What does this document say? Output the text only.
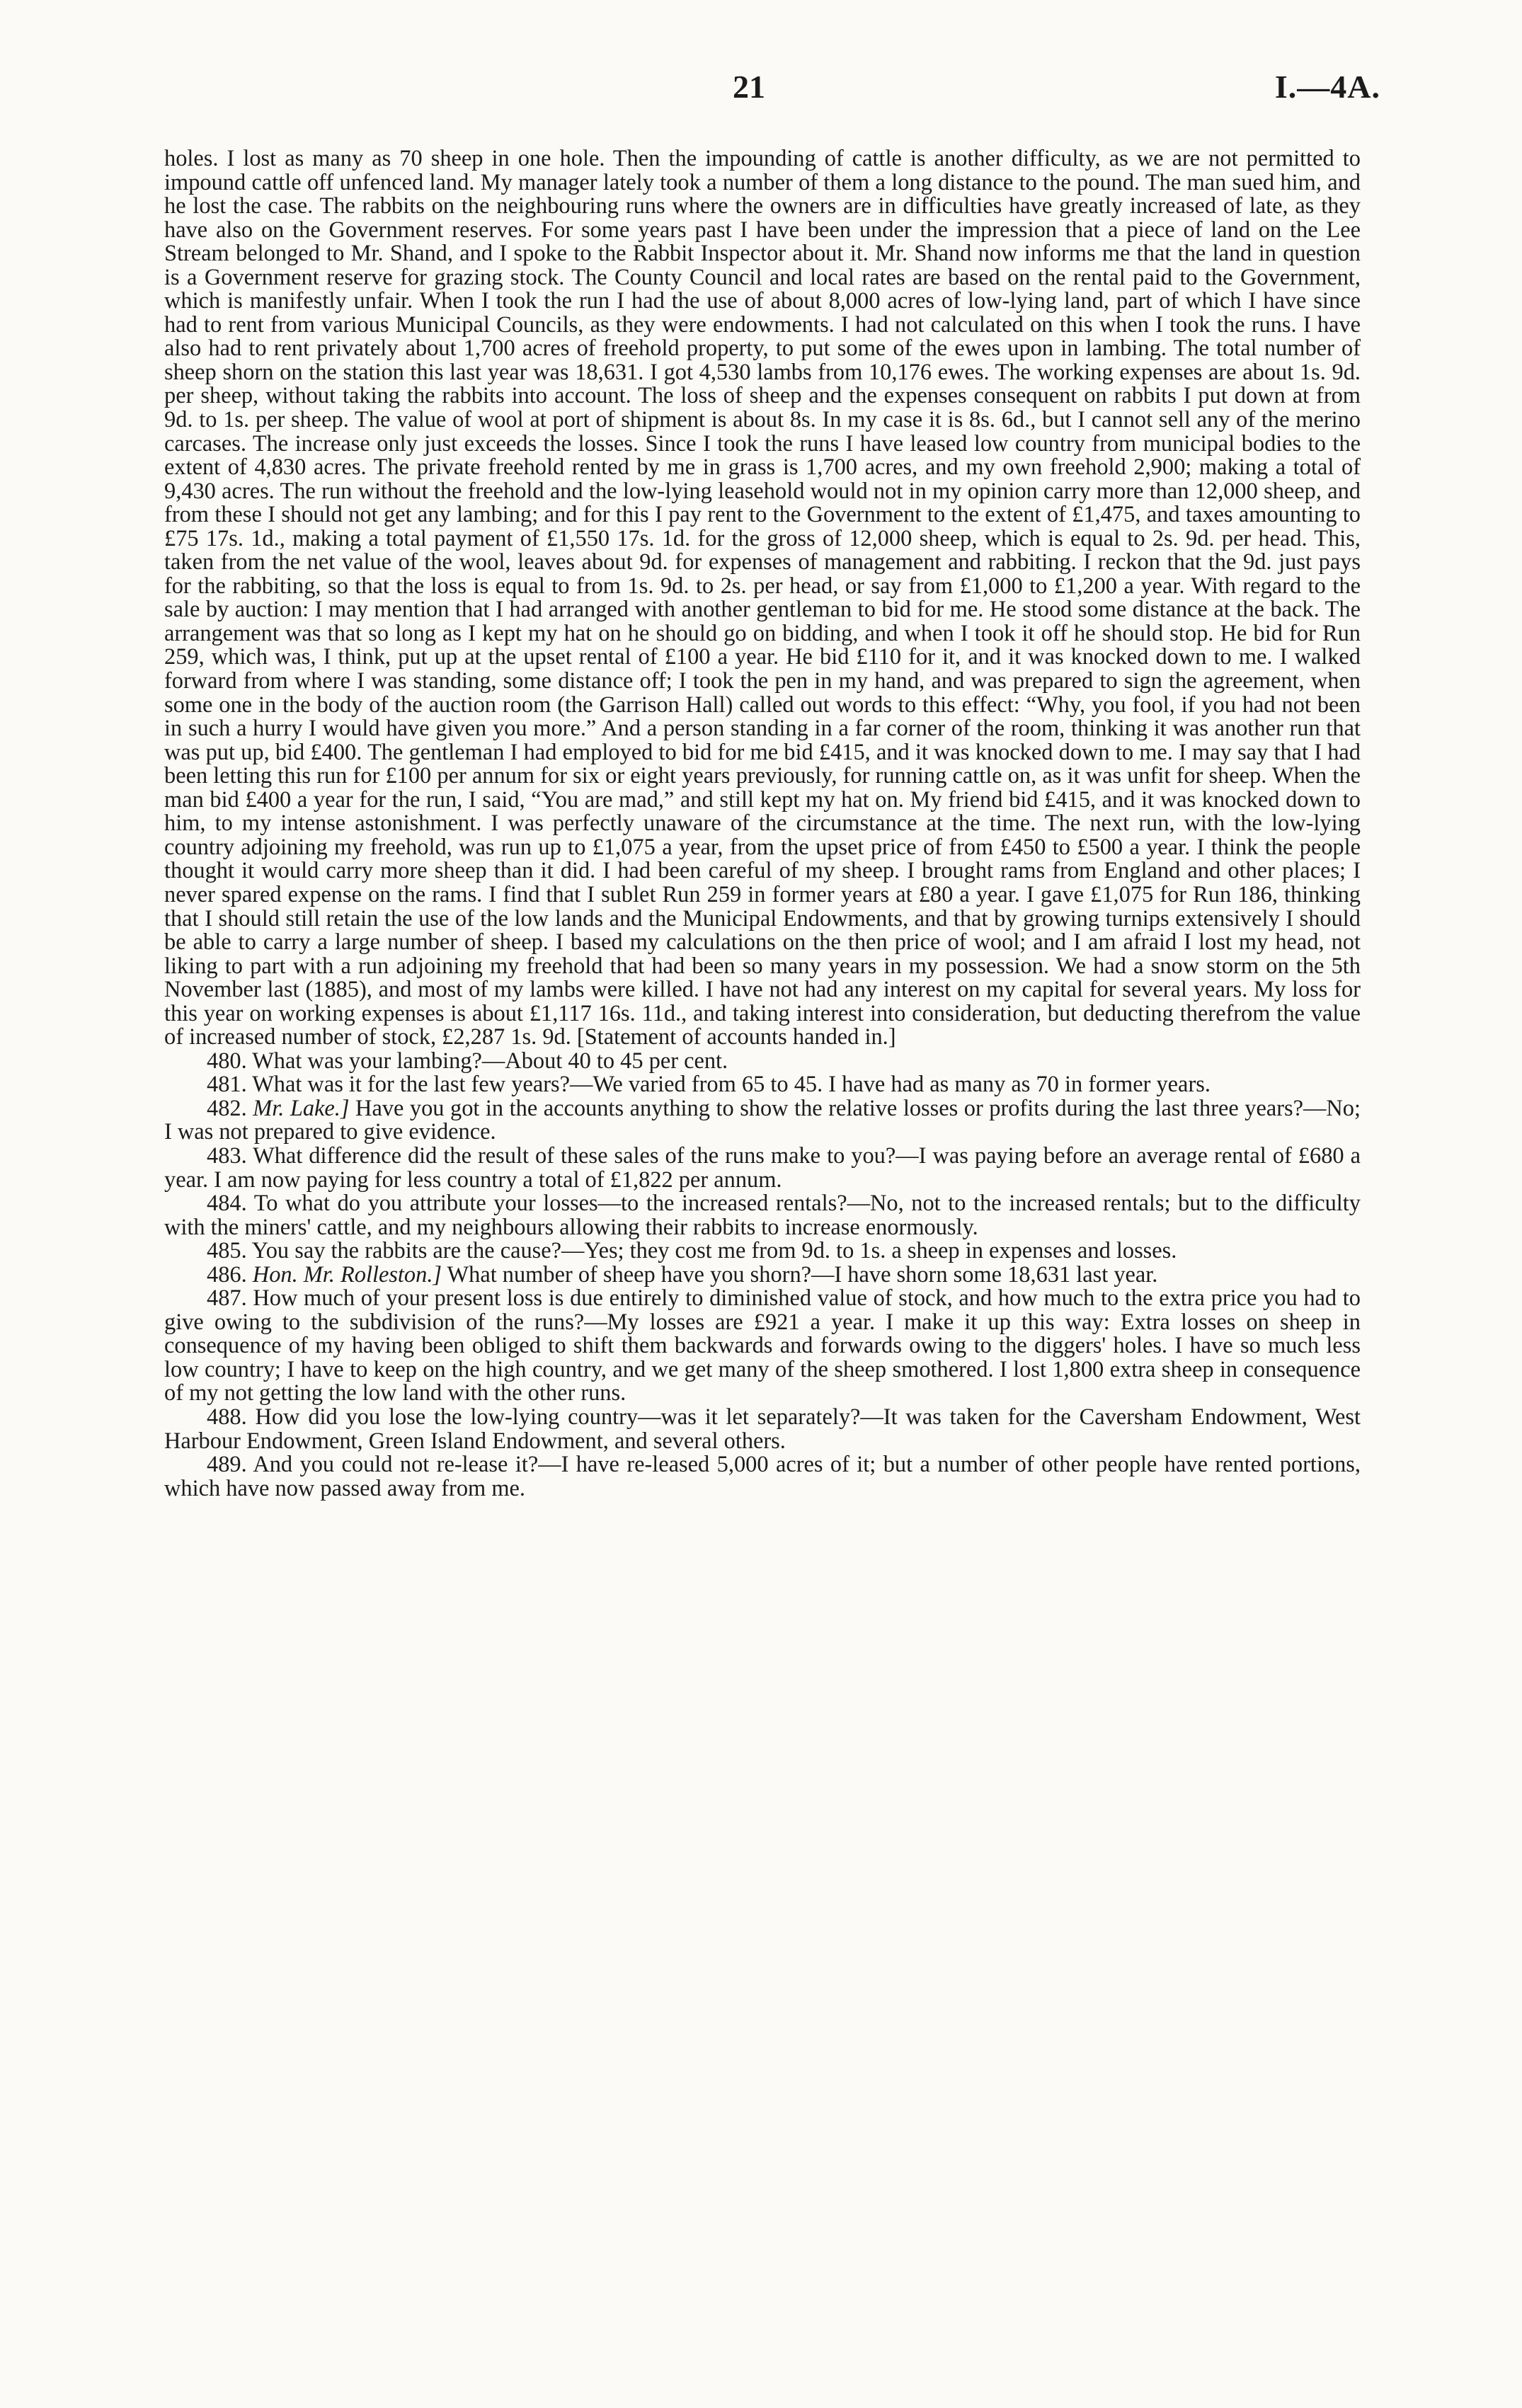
21	I.—4A.

holes. I lost as many as 70 sheep in one hole. Then the impounding of cattle is another difficulty, as we are not permitted to impound cattle off unfenced land. My manager lately took a number of them a long distance to the pound. The man sued him, and he lost the case. The rabbits on the neighbouring runs where the owners are in difficulties have greatly increased of late, as they have also on the Government reserves. For some years past I have been under the impression that a piece of land on the Lee Stream belonged to Mr. Shand, and I spoke to the Rabbit Inspector about it. Mr. Shand now informs me that the land in question is a Government reserve for grazing stock. The County Council and local rates are based on the rental paid to the Government, which is manifestly unfair. When I took the run I had the use of about 8,000 acres of low-lying land, part of which I have since had to rent from various Municipal Councils, as they were endowments. I had not calculated on this when I took the runs. I have also had to rent privately about 1,700 acres of freehold property, to put some of the ewes upon in lambing. The total number of sheep shorn on the station this last year was 18,631. I got 4,530 lambs from 10,176 ewes. The working expenses are about 1s. 9d. per sheep, without taking the rabbits into account. The loss of sheep and the expenses consequent on rabbits I put down at from 9d. to 1s. per sheep. The value of wool at port of shipment is about 8s. In my case it is 8s. 6d., but I cannot sell any of the merino carcases. The increase only just exceeds the losses. Since I took the runs I have leased low country from municipal bodies to the extent of 4,830 acres. The private freehold rented by me in grass is 1,700 acres, and my own freehold 2,900; making a total of 9,430 acres. The run without the freehold and the low-lying leasehold would not in my opinion carry more than 12,000 sheep, and from these I should not get any lambing; and for this I pay rent to the Government to the extent of £1,475, and taxes amounting to £75 17s. 1d., making a total payment of £1,550 17s. 1d. for the gross of 12,000 sheep, which is equal to 2s. 9d. per head. This, taken from the net value of the wool, leaves about 9d. for expenses of management and rabbiting. I reckon that the 9d. just pays for the rabbiting, so that the loss is equal to from 1s. 9d. to 2s. per head, or say from £1,000 to £1,200 a year. With regard to the sale by auction: I may mention that I had arranged with another gentleman to bid for me. He stood some distance at the back. The arrangement was that so long as I kept my hat on he should go on bidding, and when I took it off he should stop. He bid for Run 259, which was, I think, put up at the upset rental of £100 a year. He bid £110 for it, and it was knocked down to me. I walked forward from where I was standing, some distance off; I took the pen in my hand, and was prepared to sign the agreement, when some one in the body of the auction room (the Garrison Hall) called out words to this effect: “Why, you fool, if you had not been in such a hurry I would have given you more.” And a person standing in a far corner of the room, thinking it was another run that was put up, bid £400. The gentleman I had employed to bid for me bid £415, and it was knocked down to me. I may say that I had been letting this run for £100 per annum for six or eight years previously, for running cattle on, as it was unfit for sheep. When the man bid £400 a year for the run, I said, “You are mad,” and still kept my hat on. My friend bid £415, and it was knocked down to him, to my intense astonishment. I was perfectly unaware of the circumstance at the time. The next run, with the low-lying country adjoining my freehold, was run up to £1,075 a year, from the upset price of from £450 to £500 a year. I think the people thought it would carry more sheep than it did. I had been careful of my sheep. I brought rams from England and other places; I never spared expense on the rams. I find that I sublet Run 259 in former years at £80 a year. I gave £1,075 for Run 186, thinking that I should still retain the use of the low lands and the Municipal Endowments, and that by growing turnips extensively I should be able to carry a large number of sheep. I based my calculations on the then price of wool; and I am afraid I lost my head, not liking to part with a run adjoining my freehold that had been so many years in my possession. We had a snow storm on the 5th November last (1885), and most of my lambs were killed. I have not had any interest on my capital for several years. My loss for this year on working expenses is about £1,117 16s. 11d., and taking interest into consideration, but deducting therefrom the value of increased number of stock, £2,287 1s. 9d. [Statement of accounts handed in.]

480. What was your lambing?—About 40 to 45 per cent.

481. What was it for the last few years?—We varied from 65 to 45. I have had as many as 70 in former years.

482. Mr. Lake.] Have you got in the accounts anything to show the relative losses or profits during the last three years?—No; I was not prepared to give evidence.

483. What difference did the result of these sales of the runs make to you?—I was paying before an average rental of £680 a year. I am now paying for less country a total of £1,822 per annum.

484. To what do you attribute your losses—to the increased rentals?—No, not to the increased rentals; but to the difficulty with the miners' cattle, and my neighbours allowing their rabbits to increase enormously.

485. You say the rabbits are the cause?—Yes; they cost me from 9d. to 1s. a sheep in expenses and losses.

486. Hon. Mr. Rolleston.] What number of sheep have you shorn?—I have shorn some 18,631 last year.

487. How much of your present loss is due entirely to diminished value of stock, and how much to the extra price you had to give owing to the subdivision of the runs?—My losses are £921 a year. I make it up this way: Extra losses on sheep in consequence of my having been obliged to shift them backwards and forwards owing to the diggers' holes. I have so much less low country; I have to keep on the high country, and we get many of the sheep smothered. I lost 1,800 extra sheep in consequence of my not getting the low land with the other runs.

488. How did you lose the low-lying country—was it let separately?—It was taken for the Caversham Endowment, West Harbour Endowment, Green Island Endowment, and several others.

489. And you could not re-lease it?—I have re-leased 5,000 acres of it; but a number of other people have rented portions, which have now passed away from me.
